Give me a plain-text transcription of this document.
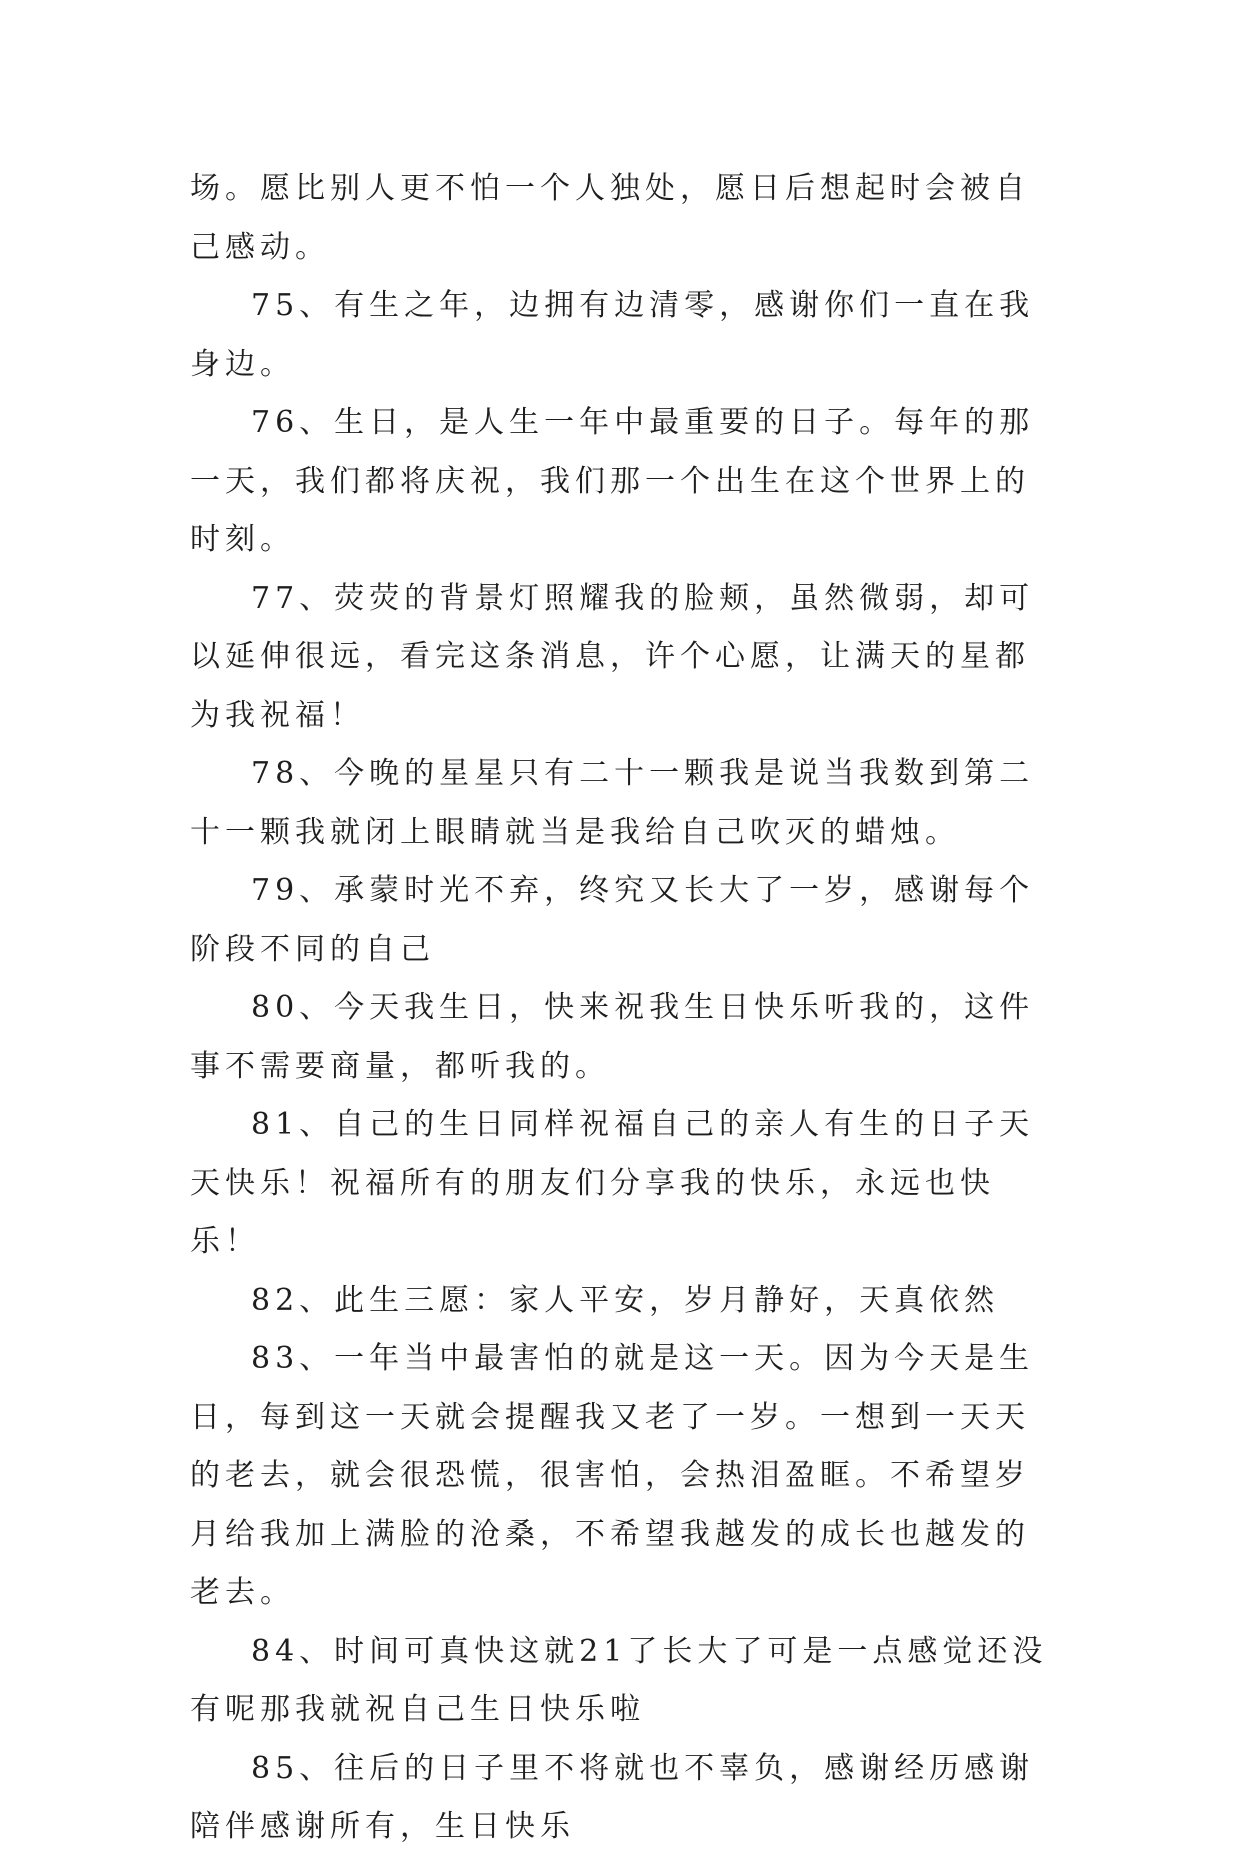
场。愿比别人更不怕一个人独处，愿日后想起时会被自己感动。

75、有生之年，边拥有边清零，感谢你们一直在我身边。

76、生日，是人生一年中最重要的日子。每年的那一天，我们都将庆祝，我们那一个出生在这个世界上的时刻。

77、荧荧的背景灯照耀我的脸颊，虽然微弱，却可以延伸很远，看完这条消息，许个心愿，让满天的星都为我祝福！

78、今晚的星星只有二十一颗我是说当我数到第二十一颗我就闭上眼睛就当是我给自己吹灭的蜡烛。

79、承蒙时光不弃，终究又长大了一岁，感谢每个阶段不同的自己

80、今天我生日，快来祝我生日快乐听我的，这件事不需要商量，都听我的。

81、自己的生日同样祝福自己的亲人有生的日子天天快乐！祝福所有的朋友们分享我的快乐，永远也快乐！

82、此生三愿：家人平安，岁月静好，天真依然

83、一年当中最害怕的就是这一天。因为今天是生日，每到这一天就会提醒我又老了一岁。一想到一天天的老去，就会很恐慌，很害怕，会热泪盈眶。不希望岁月给我加上满脸的沧桑，不希望我越发的成长也越发的老去。

84、时间可真快这就21了长大了可是一点感觉还没有呢那我就祝自己生日快乐啦

85、往后的日子里不将就也不辜负，感谢经历感谢陪伴感谢所有，生日快乐
